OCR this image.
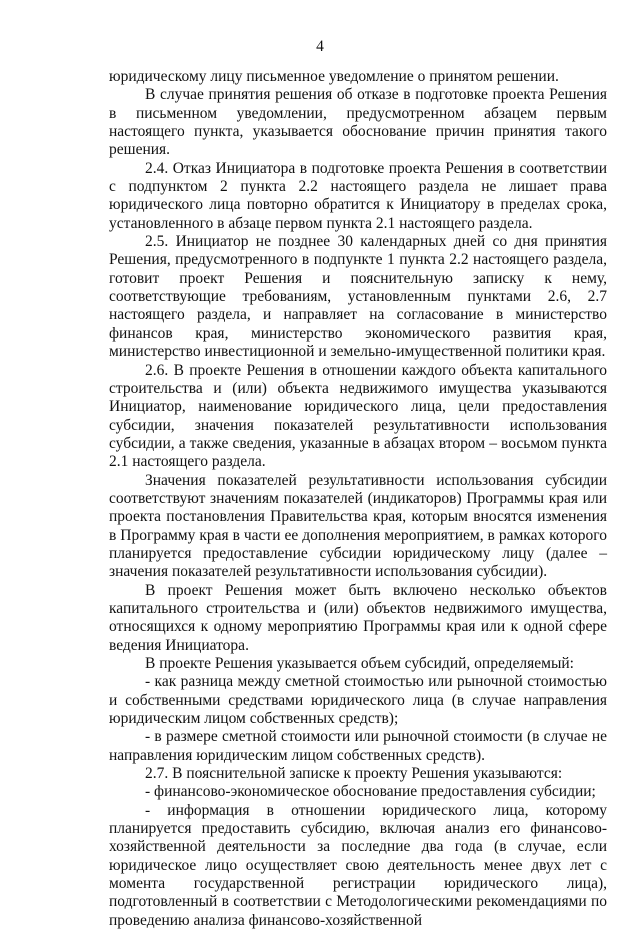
4

юридическому лицу письменное уведомление о принятом решении.

В случае принятия решения об отказе в подготовке проекта Решения в письменном уведомлении, предусмотренном абзацем первым настоящего пункта, указывается обоснование причин принятия такого решения.

2.4. Отказ Инициатора в подготовке проекта Решения в соответствии с подпунктом 2 пункта 2.2 настоящего раздела не лишает права юридического лица повторно обратится к Инициатору в пределах срока, установленного в абзаце первом пункта 2.1 настоящего раздела.

2.5. Инициатор не позднее 30 календарных дней со дня принятия Решения, предусмотренного в подпункте 1 пункта 2.2 настоящего раздела, готовит проект Решения и пояснительную записку к нему, соответствующие требованиям, установленным пунктами 2.6, 2.7 настоящего раздела, и направляет на согласование в министерство финансов края, министерство экономического развития края, министерство инвестиционной и земельно-имущественной политики края.

2.6. В проекте Решения в отношении каждого объекта капитального строительства и (или) объекта недвижимого имущества указываются Инициатор, наименование юридического лица, цели предоставления субсидии, значения показателей результативности использования субсидии, а также сведения, указанные в абзацах втором – восьмом пункта 2.1 настоящего раздела.

Значения показателей результативности использования субсидии соответствуют значениям показателей (индикаторов) Программы края или проекта постановления Правительства края, которым вносятся изменения в Программу края в части ее дополнения мероприятием, в рамках которого планируется предоставление субсидии юридическому лицу (далее – значения показателей результативности использования субсидии).

В проект Решения может быть включено несколько объектов капитального строительства и (или) объектов недвижимого имущества, относящихся к одному мероприятию Программы края или к одной сфере ведения Инициатора.

В проекте Решения указывается объем субсидий, определяемый:

- как разница между сметной стоимостью или рыночной стоимостью и собственными средствами юридического лица (в случае направления юридическим лицом собственных средств);

- в размере сметной стоимости или рыночной стоимости (в случае не направления юридическим лицом собственных средств).

2.7. В пояснительной записке к проекту Решения указываются:

- финансово-экономическое обоснование предоставления субсидии;

- информация в отношении юридического лица, которому планируется предоставить субсидию, включая анализ его финансово-хозяйственной деятельности за последние два года (в случае, если юридическое лицо осуществляет свою деятельность менее двух лет с момента государственной регистрации юридического лица), подготовленный в соответствии с Методологическими рекомендациями по проведению анализа финансово-хозяйственной
